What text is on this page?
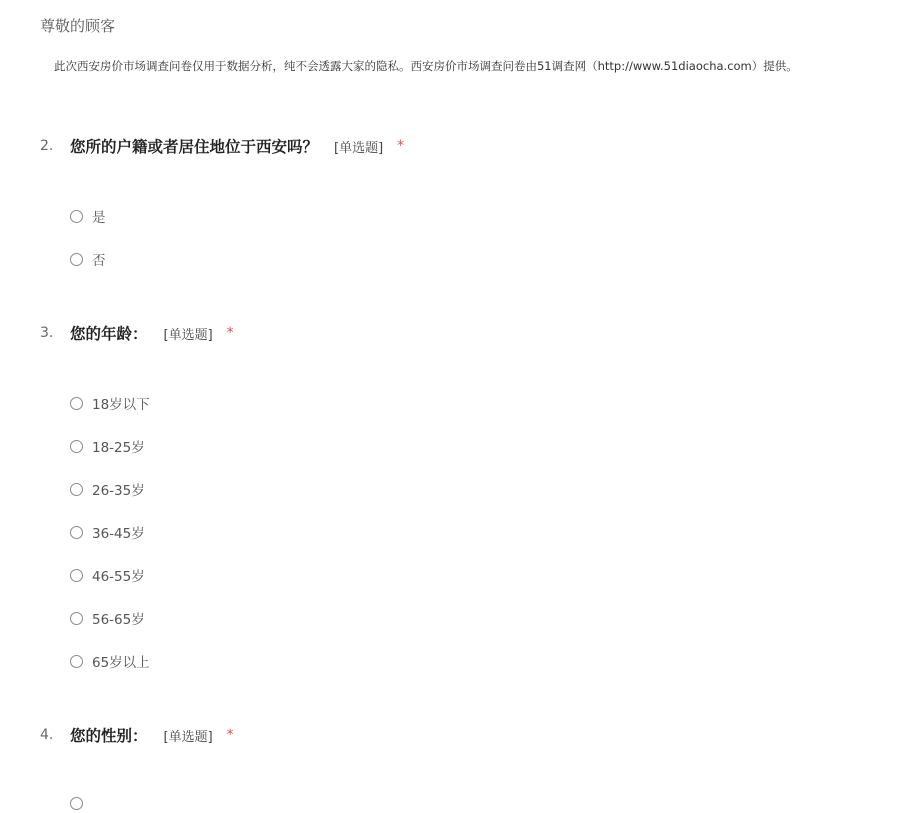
尊敬的顾客
此次西安房价市场调查问卷仅用于数据分析，纯不会透露大家的隐私。西安房价市场调查问卷由51调查网（http://www.51diaocha.com）提供。
2.	您所的户籍或者居住地位于西安吗？ [单选题] *
是
否
3.	您的年龄： [单选题] *
18岁以下
18-25岁
26-35岁
36-45岁
46-55岁
56-65岁
65岁以上
4.	您的性别： [单选题] *
